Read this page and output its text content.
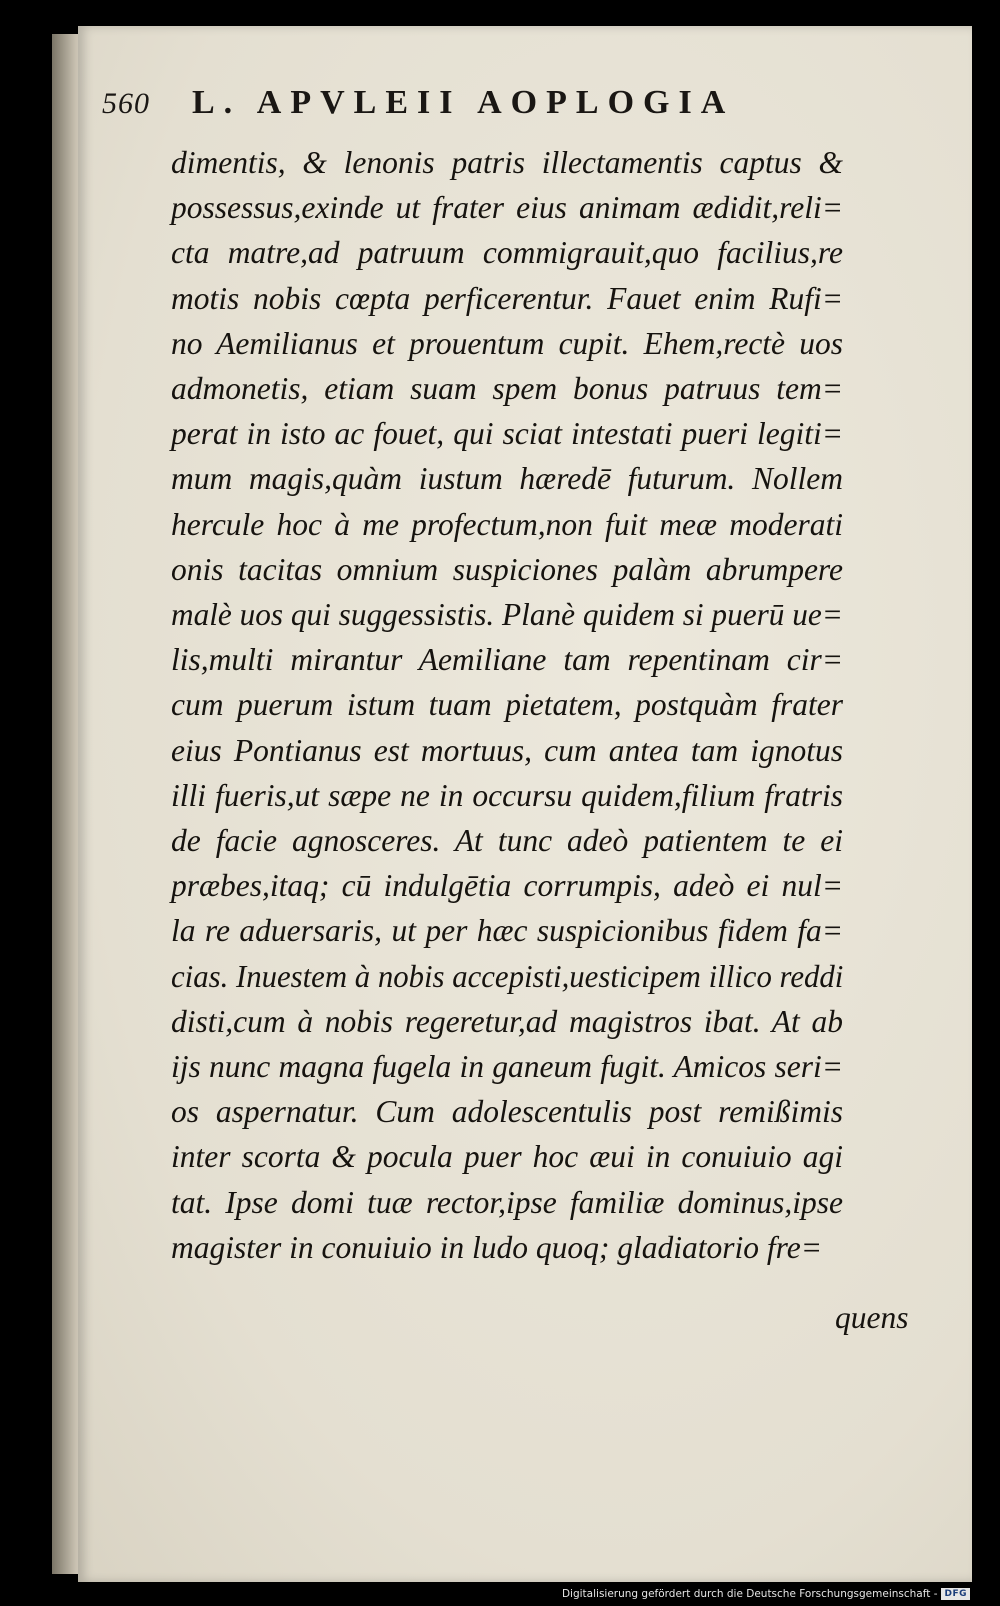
560 L. APVLEII AOPLOGIA
dimentis, & lenonis patris illectamentis captus &
possessus,exinde ut frater eius animam ædidit,reli=
cta matre,ad patruum commigrauit,quo facilius,re
motis nobis cœpta perficerentur. Fauet enim Rufi=
no Aemilianus et prouentum cupit. Ehem,rectè uos
admonetis, etiam suam spem bonus patruus tem=
perat in isto ac fouet, qui sciat intestati pueri legiti=
mum magis,quàm iustum hæredē futurum. Nollem
hercule hoc à me profectum,non fuit meæ moderati
onis tacitas omnium suspiciones palàm abrumpere
malè uos qui suggessistis. Planè quidem si puerū ue=
lis,multi mirantur Aemiliane tam repentinam cir=
cum puerum istum tuam pietatem, postquàm frater
eius Pontianus est mortuus, cum antea tam ignotus
illi fueris,ut sæpe ne in occursu quidem,filium fratris
de facie agnosceres. At tunc adeò patientem te ei
præbes,itaq; cū indulgētia corrumpis, adeò ei nul=
la re aduersaris, ut per hæc suspicionibus fidem fa=
cias. Inuestem à nobis accepisti,uesticipem illico reddi
disti,cum à nobis regeretur,ad magistros ibat. At ab
ijs nunc magna fugela in ganeum fugit. Amicos seri=
os aspernatur. Cum adolescentulis post remißimis
inter scorta & pocula puer hoc æui in conuiuio agi
tat. Ipse domi tuæ rector,ipse familiæ dominus,ipse
magister in conuiuio in ludo quoq; gladiatorio fre=
quens
Digitalisierung gefördert durch die Deutsche Forschungsgemeinschaft - DFG
